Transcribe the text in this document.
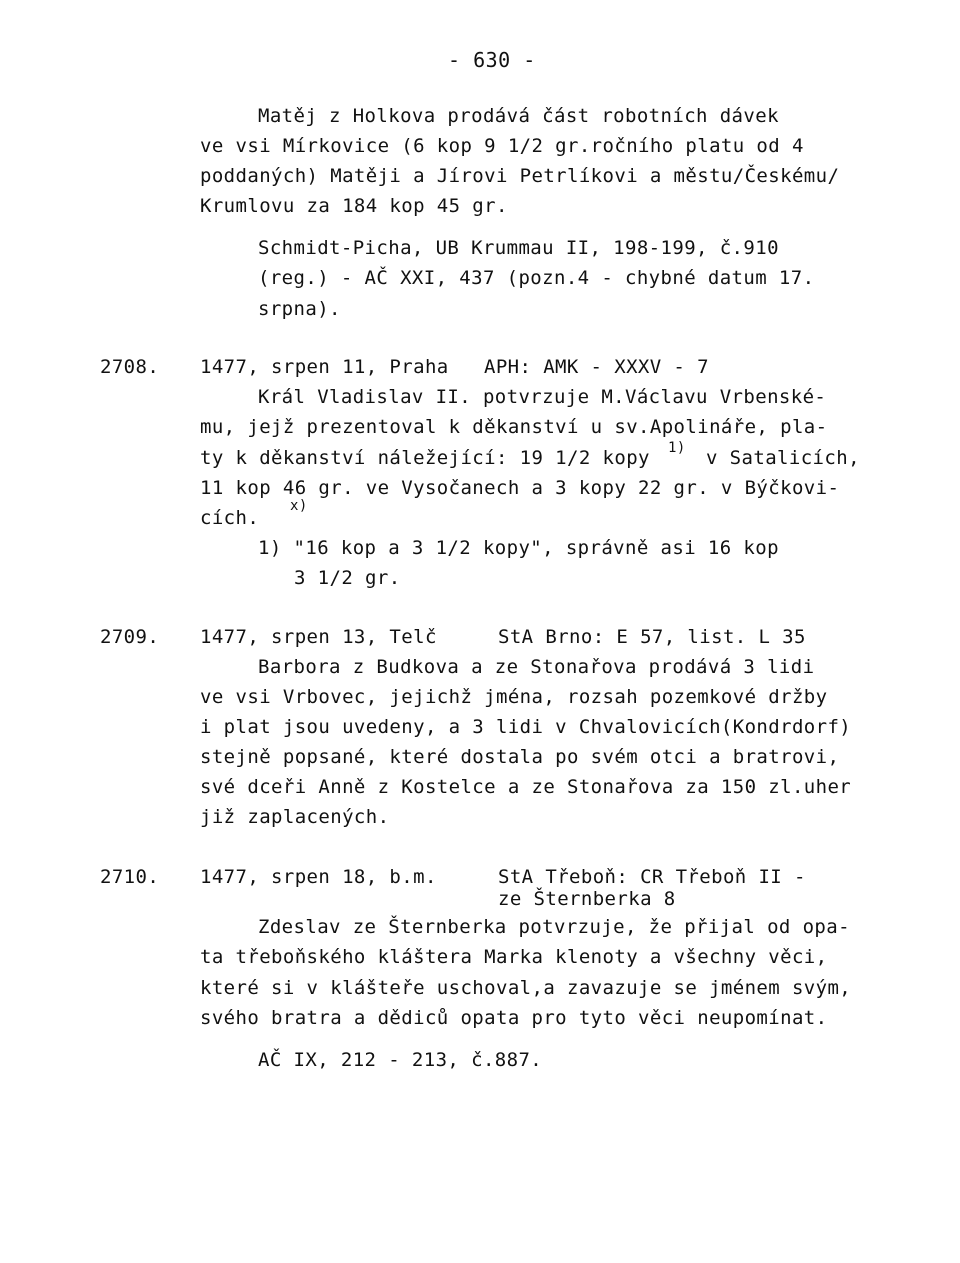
- 630 -
Matěj z Holkova prodává část robotních dávek
ve vsi Mírkovice (6 kop 9 1/2 gr.ročního platu od 4
poddaných) Matěji a Jírovi Petrlíkovi a městu/Českému/
Krumlovu za 184 kop 45 gr.
Schmidt-Picha, UB Krummau II, 198-199, č.910
(reg.) - AČ XXI, 437 (pozn.4 - chybné datum 17.
srpna).
2708. 1477, srpen 11, Praha APH: AMK - XXXV - 7
Král Vladislav II. potvrzuje M.Václavu Vrbenské-
mu, jejž prezentoval k děkanství u sv.Apolináře, pla-
ty k děkanství náležející: 19 1/2 kopy 1) v Satalicích,
11 kop 46 gr. ve Vysočanech a 3 kopy 22 gr. v Býčkovi-
x)
cích.
1) "16 kop a 3 1/2 kopy", správně asi 16 kop
3 1/2 gr.
2709. 1477, srpen 13, Telč	StA Brno: E 57, list. L 35
Barbora z Budkova a ze Stonařova prodává 3 lidi
ve vsi Vrbovec, jejichž jména, rozsah pozemkové držby
i plat jsou uvedeny, a 3 lidi v Chvalovicích(Kondrdorf)
stejně popsané, které dostala po svém otci a bratrovi,
své dceři Anně z Kostelce a ze Stonařova za 150 zl.uher
již zaplacených.
2710. 1477, srpen 18, b.m.	StA Třeboň: CR Třeboň II -
ze Šternberka 8
Zdeslav ze Šternberka potvrzuje, že přijal od opa-
ta třeboňského kláštera Marka klenoty a všechny věci,
které si v klášteře uschoval,a zavazuje se jménem svým,
svého bratra a dědiců opata pro tyto věci neupomínat.
AČ IX, 212 - 213, č.887.
